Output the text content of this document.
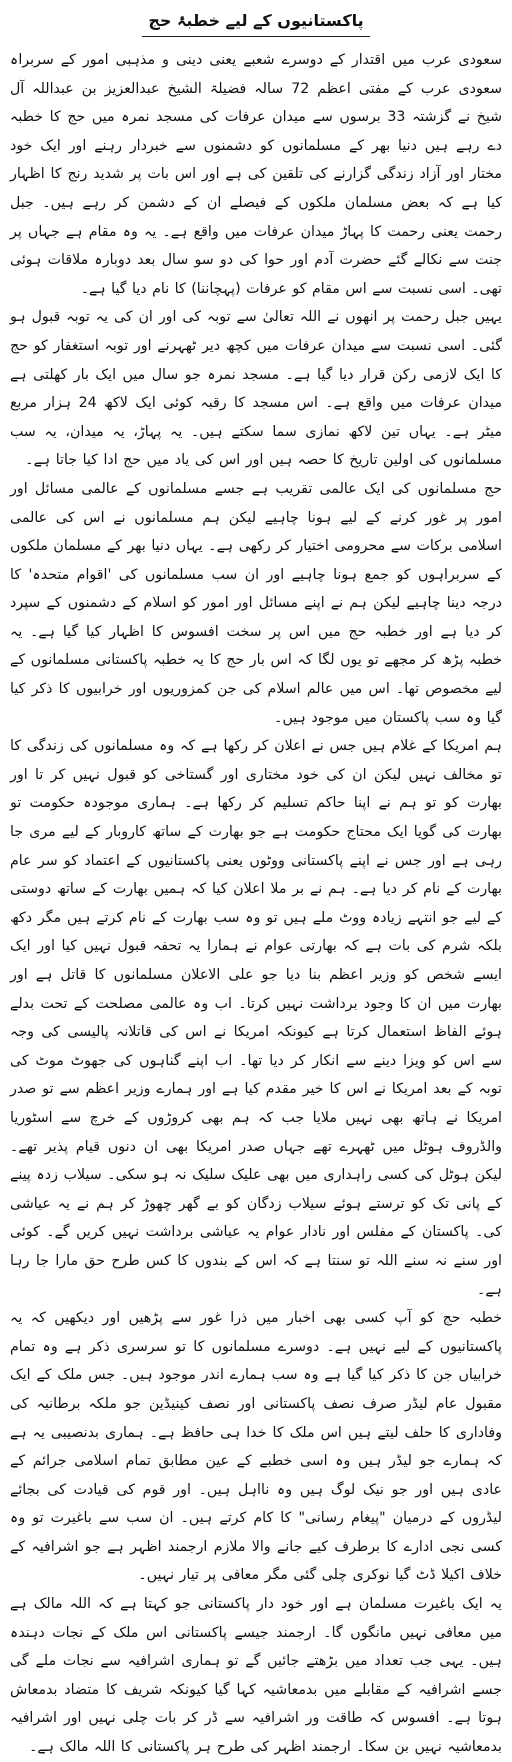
پاکستانیوں کے لیے خطبۂ حج

سعودی عرب میں اقتدار کے دوسرے شعبے یعنی دینی و مذہبی امور کے سربراہ سعودی عرب کے مفتی اعظم 72 سالہ فضیلۃ الشیخ عبدالعزیز بن عبداللہ آل شیخ نے گزشتہ 33 برسوں سے میدان عرفات کی مسجد نمرہ میں حج کا خطبہ دے رہے ہیں دنیا بھر کے مسلمانوں کو دشمنوں سے خبردار رہنے اور ایک خود مختار اور آزاد زندگی گزارنے کی تلقین کی ہے اور اس بات پر شدید رنج کا اظہار کیا ہے کہ بعض مسلمان ملکوں کے فیصلے ان کے دشمن کر رہے ہیں۔ جبل رحمت یعنی رحمت کا پہاڑ میدان عرفات میں واقع ہے۔ یہ وہ مقام ہے جہاں پر جنت سے نکالے گئے حضرت آدم اور حوا کی دو سو سال بعد دوبارہ ملاقات ہوئی تھی۔ اسی نسبت سے اس مقام کو عرفات (پہچاننا) کا نام دیا گیا ہے۔

یہیں جبل رحمت پر انھوں نے اللہ تعالیٰ سے توبہ کی اور ان کی یہ توبہ قبول ہو گئی۔ اسی نسبت سے میدان عرفات میں کچھ دیر ٹھہرنے اور توبہ استغفار کو حج کا ایک لازمی رکن قرار دیا گیا ہے۔ مسجد نمرہ جو سال میں ایک بار کھلتی ہے میدان عرفات میں واقع ہے۔ اس مسجد کا رقبہ کوئی ایک لاکھ 24 ہزار مربع میٹر ہے۔ یہاں تین لاکھ نمازی سما سکتے ہیں۔ یہ پہاڑ، یہ میدان، یہ سب مسلمانوں کی اولین تاریخ کا حصہ ہیں اور اس کی یاد میں حج ادا کیا جاتا ہے۔

حج مسلمانوں کی ایک عالمی تقریب ہے جسے مسلمانوں کے عالمی مسائل اور امور پر غور کرنے کے لیے ہونا چاہیے لیکن ہم مسلمانوں نے اس کی عالمی اسلامی برکات سے محرومی اختیار کر رکھی ہے۔ یہاں دنیا بھر کے مسلمان ملکوں کے سربراہوں کو جمع ہونا چاہیے اور ان سب مسلمانوں کی 'اقوام متحدہ' کا درجہ دینا چاہیے لیکن ہم نے اپنے مسائل اور امور کو اسلام کے دشمنوں کے سپرد کر دیا ہے اور خطبہ حج میں اس پر سخت افسوس کا اظہار کیا گیا ہے۔ یہ خطبہ پڑھ کر مجھے تو یوں لگا کہ اس بار حج کا یہ خطبہ پاکستانی مسلمانوں کے لیے مخصوص تھا۔ اس میں عالم اسلام کی جن کمزوریوں اور خرابیوں کا ذکر کیا گیا وہ سب پاکستان میں موجود ہیں۔

ہم امریکا کے غلام ہیں جس نے اعلان کر رکھا ہے کہ وہ مسلمانوں کی زندگی کا تو مخالف نہیں لیکن ان کی خود مختاری اور گستاخی کو قبول نہیں کر تا اور بھارت کو تو ہم نے اپنا حاکم تسلیم کر رکھا ہے۔ ہماری موجودہ حکومت تو بھارت کی گویا ایک محتاج حکومت ہے جو بھارت کے ساتھ کاروبار کے لیے مری جا رہی ہے اور جس نے اپنے پاکستانی ووٹوں یعنی پاکستانیوں کے اعتماد کو سر عام بھارت کے نام کر دیا ہے۔ ہم نے بر ملا اعلان کیا کہ ہمیں بھارت کے ساتھ دوستی کے لیے جو انتہے زیادہ ووٹ ملے ہیں تو وہ سب بھارت کے نام کرتے ہیں مگر دکھ بلکہ شرم کی بات ہے کہ بھارتی عوام نے ہمارا یہ تحفہ قبول نہیں کیا اور ایک ایسے شخص کو وزیر اعظم بنا دیا جو علی الاعلان مسلمانوں کا قاتل ہے اور بھارت میں ان کا وجود برداشت نہیں کرتا۔ اب وہ عالمی مصلحت کے تحت بدلے ہوئے الفاظ استعمال کرتا ہے کیونکہ امریکا نے اس کی قاتلانہ پالیسی کی وجہ سے اس کو ویزا دینے سے انکار کر دیا تھا۔ اب اپنے گناہوں کی جھوٹ موٹ کی توبہ کے بعد امریکا نے اس کا خیر مقدم کیا ہے اور ہمارے وزیر اعظم سے تو صدر امریکا نے ہاتھ بھی نہیں ملایا جب کہ ہم بھی کروڑوں کے خرچ سے اسٹوریا والڈروف ہوٹل میں ٹھہرے تھے جہاں صدر امریکا بھی ان دنوں قیام پذیر تھے۔ لیکن ہوٹل کی کسی راہداری میں بھی علیک سلیک نہ ہو سکی۔ سیلاب زدہ پینے کے پانی تک کو ترستے ہوئے سیلاب زدگان کو بے گھر چھوڑ کر ہم نے یہ عیاشی کی۔ پاکستان کے مفلس اور نادار عوام یہ عیاشی برداشت نہیں کریں گے۔ کوئی اور سنے نہ سنے اللہ تو سنتا ہے کہ اس کے بندوں کا کس طرح حق مارا جا رہا ہے۔

خطبہ حج کو آپ کسی بھی اخبار میں ذرا غور سے پڑھیں اور دیکھیں کہ یہ پاکستانیوں کے لیے نہیں ہے۔ دوسرے مسلمانوں کا تو سرسری ذکر ہے وہ تمام خرابیاں جن کا ذکر کیا گیا ہے وہ سب ہمارے اندر موجود ہیں۔ جس ملک کے ایک مقبول عام لیڈر صرف نصف پاکستانی اور نصف کینیڈین جو ملکہ برطانیہ کی وفاداری کا حلف لیتے ہیں اس ملک کا خدا ہی حافظ ہے۔ ہماری بدنصیبی یہ ہے کہ ہمارے جو لیڈر ہیں وہ اسی خطبے کے عین مطابق تمام اسلامی جرائم کے عادی ہیں اور جو نیک لوگ ہیں وہ نااہل ہیں۔ اور قوم کی قیادت کی بجائے لیڈروں کے درمیان "پیغام رسانی" کا کام کرتے ہیں۔ ان سب سے باغیرت تو وہ کسی نجی ادارے کا برطرف کیے جانے والا ملازم ارجمند اظہر ہے جو اشرافیہ کے خلاف اکیلا ڈٹ گیا نوکری چلی گئی مگر معافی پر تیار نہیں۔

یہ ایک باغیرت مسلمان ہے اور خود دار پاکستانی جو کہتا ہے کہ اللہ مالک ہے میں معافی نہیں مانگوں گا۔ ارجمند جیسے پاکستانی اس ملک کے نجات دہندہ ہیں۔ یہی جب تعداد میں بڑھتے جائیں گے تو ہماری اشرافیہ سے نجات ملے گی جسے اشرافیہ کے مقابلے میں بدمعاشیہ کہا گیا کیونکہ شریف کا متضاد بدمعاش ہوتا ہے۔ افسوس کہ طاقت ور اشرافیہ سے ڈر کر بات چلی نہیں اور اشرافیہ بدمعاشیہ نہیں بن سکا۔ ارجمند اظہر کی طرح ہر پاکستانی کا اللہ مالک ہے۔
